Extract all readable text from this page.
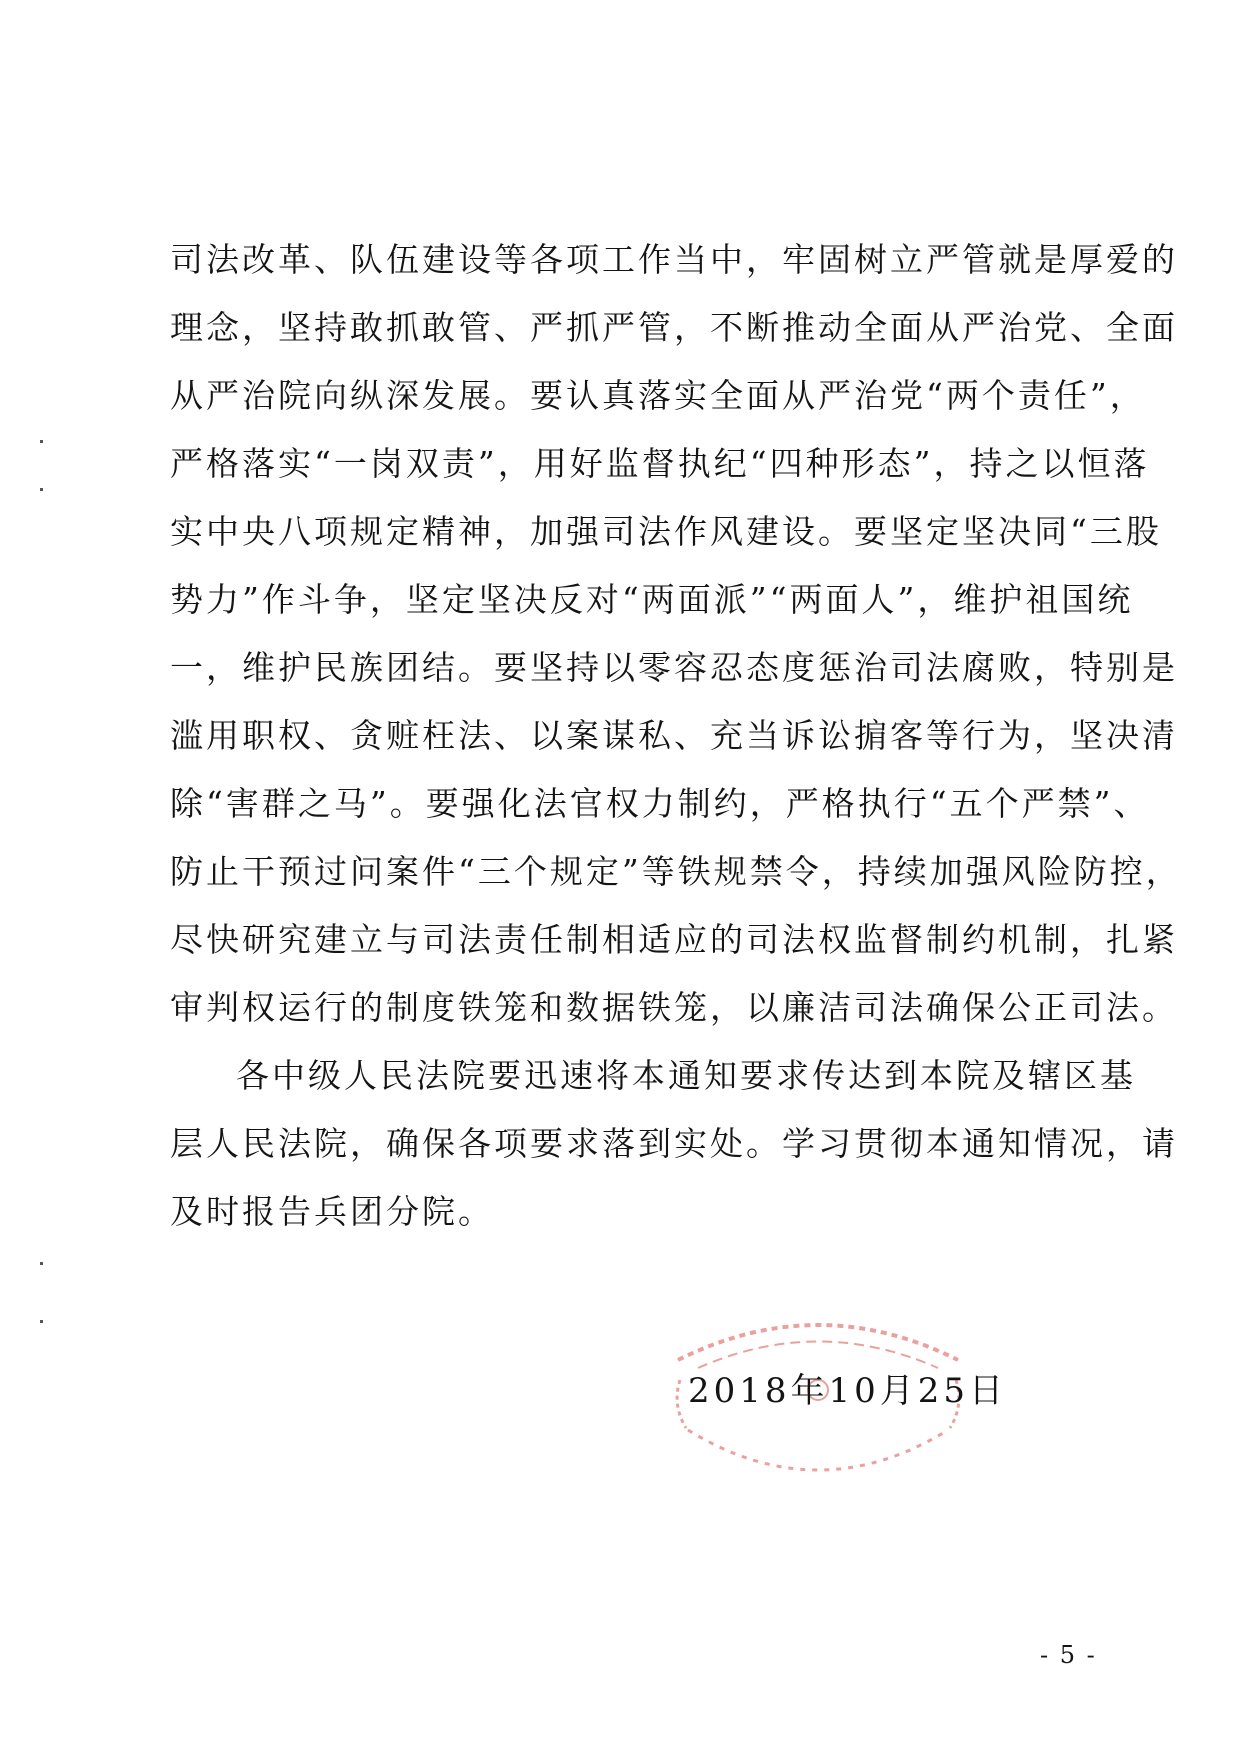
司法改革、队伍建设等各项工作当中，牢固树立严管就是厚爱的
理念，坚持敢抓敢管、严抓严管，不断推动全面从严治党、全面
从严治院向纵深发展。要认真落实全面从严治党“两个责任”，
严格落实“一岗双责”，用好监督执纪“四种形态”，持之以恒落
实中央八项规定精神，加强司法作风建设。要坚定坚决同“三股
势力”作斗争，坚定坚决反对“两面派”“两面人”，维护祖国统
一，维护民族团结。要坚持以零容忍态度惩治司法腐败，特别是
滥用职权、贪赃枉法、以案谋私、充当诉讼掮客等行为，坚决清
除“害群之马”。要强化法官权力制约，严格执行“五个严禁”、
防止干预过问案件“三个规定”等铁规禁令，持续加强风险防控，
尽快研究建立与司法责任制相适应的司法权监督制约机制，扎紧
审判权运行的制度铁笼和数据铁笼，以廉洁司法确保公正司法。
各中级人民法院要迅速将本通知要求传达到本院及辖区基
层人民法院，确保各项要求落到实处。学习贯彻本通知情况，请
及时报告兵团分院。
2018年10月25日
- 5 -
